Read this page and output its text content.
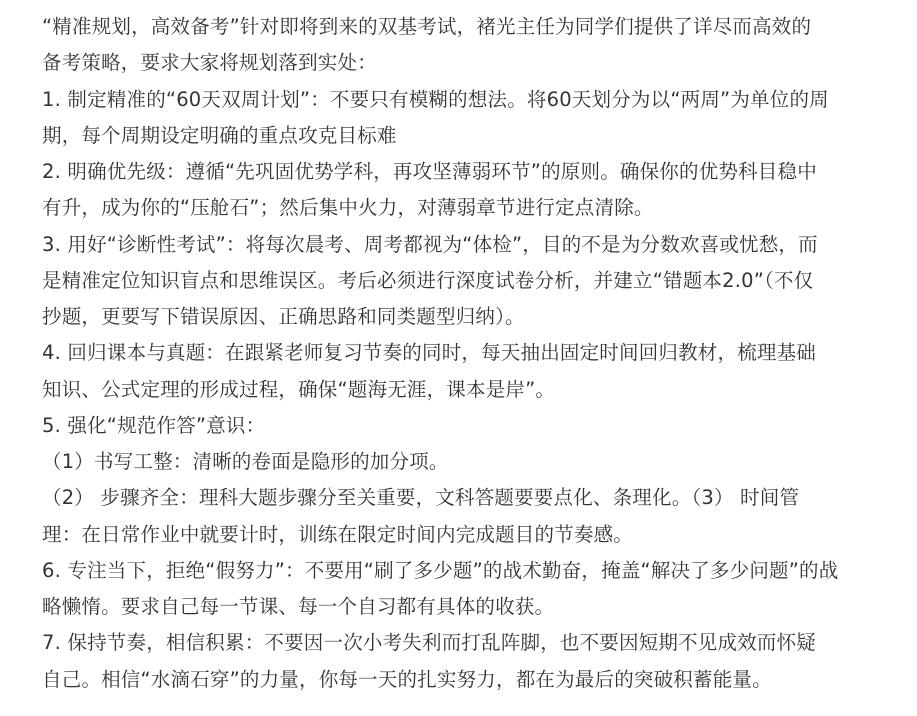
“精准规划，高效备考”针对即将到来的双基考试，褚光主任为同学们提供了详尽而高效的
备考策略，要求大家将规划落到实处：
1. 制定精准的“60天双周计划”：不要只有模糊的想法。将60天划分为以“两周”为单位的周
期，每个周期设定明确的重点攻克目标难
2. 明确优先级：遵循“先巩固优势学科，再攻坚薄弱环节”的原则。确保你的优势科目稳中
有升，成为你的“压舱石”；然后集中火力，对薄弱章节进行定点清除。
3. 用好“诊断性考试”：将每次晨考、周考都视为“体检”，目的不是为分数欢喜或忧愁，而
是精准定位知识盲点和思维误区。考后必须进行深度试卷分析，并建立“错题本2.0”（不仅
抄题，更要写下错误原因、正确思路和同类题型归纳）。
4. 回归课本与真题：在跟紧老师复习节奏的同时，每天抽出固定时间回归教材，梳理基础
知识、公式定理的形成过程，确保“题海无涯，课本是岸”。
5. 强化“规范作答”意识：
（1）书写工整：清晰的卷面是隐形的加分项。
（2） 步骤齐全：理科大题步骤分至关重要，文科答题要要点化、条理化。（3） 时间管
理：在日常作业中就要计时，训练在限定时间内完成题目的节奏感。
6. 专注当下，拒绝“假努力”：不要用“刷了多少题”的战术勤奋，掩盖“解决了多少问题”的战
略懒惰。要求自己每一节课、每一个自习都有具体的收获。
7. 保持节奏，相信积累：不要因一次小考失利而打乱阵脚，也不要因短期不见成效而怀疑
自己。相信“水滴石穿”的力量，你每一天的扎实努力，都在为最后的突破积蓄能量。
